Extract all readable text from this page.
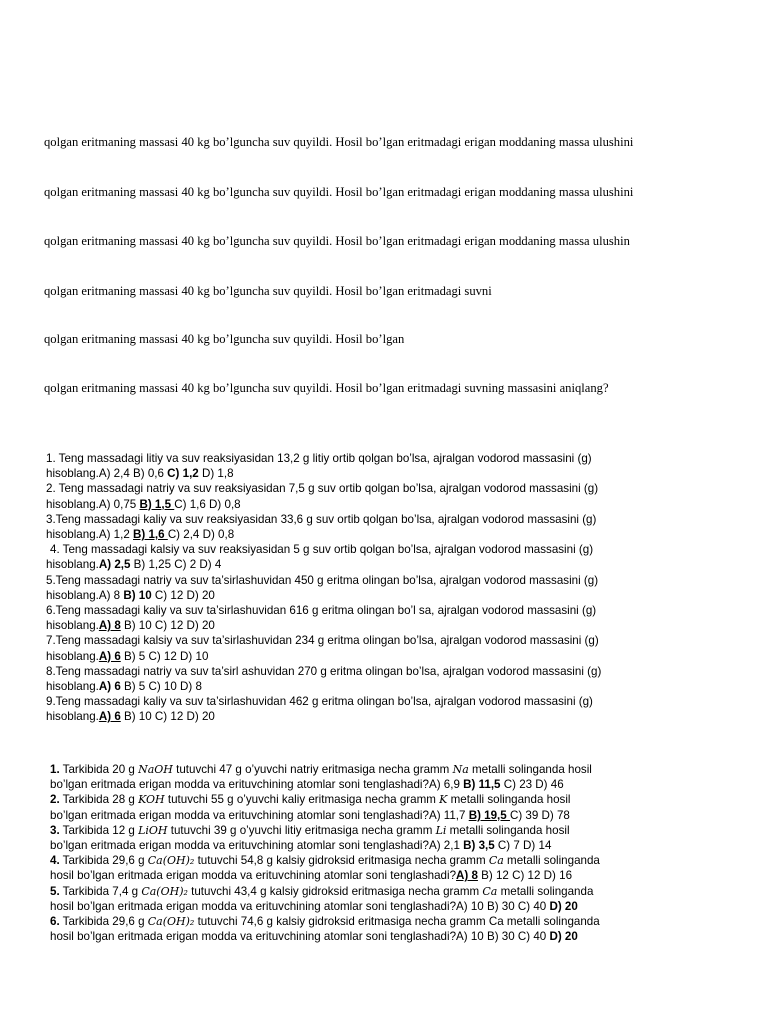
qolgan eritmaning massasi 40 kg bo’lguncha suv quyildi. Hosil bo’lgan eritmadagi erigan moddaning massa ulushini
qolgan eritmaning massasi 40 kg bo’lguncha suv quyildi. Hosil bo’lgan eritmadagi erigan moddaning massa ulushini
qolgan eritmaning massasi 40 kg bo’lguncha suv quyildi. Hosil bo’lgan eritmadagi erigan moddaning massa ulushin
qolgan eritmaning massasi 40 kg bo’lguncha suv quyildi. Hosil bo’lgan eritmadagi suvni
qolgan eritmaning massasi 40 kg bo’lguncha suv quyildi. Hosil bo’lgan
qolgan eritmaning massasi 40 kg bo’lguncha suv quyildi. Hosil bo’lgan eritmadagi suvning massasini aniqlang?
1. Teng massadagi litiy va suv reaksiyasidan 13,2 g litiy ortib qolgan bo’lsa, ajralgan vodorod massasini (g)
hisoblang.A) 2,4 B) 0,6 C) 1,2 D) 1,8
2. Teng massadagi natriy va suv reaksiyasidan 7,5 g suv ortib qolgan bo’lsa, ajralgan vodorod massasini (g)
hisoblang.A) 0,75 B) 1,5 C) 1,6 D) 0,8
3.Teng massadagi kaliy va suv reaksiyasidan 33,6 g suv ortib qolgan bo’lsa, ajralgan vodorod massasini (g)
hisoblang.A) 1,2 B) 1,6 C) 2,4 D) 0,8
4. Teng massadagi kalsiy va suv reaksiyasidan 5 g suv ortib qolgan bo’lsa, ajralgan vodorod massasini (g)
hisoblang.A) 2,5 B) 1,25 C) 2 D) 4
5.Teng massadagi natriy va suv ta’sirlashuvidan 450 g eritma olingan bo’lsa, ajralgan vodorod massasini (g)
hisoblang.A) 8 B) 10 C) 12 D) 20
6.Teng massadagi kaliy va suv ta’sirlashuvidan 616 g eritma olingan bo’l sa, ajralgan vodorod massasini (g)
hisoblang.A) 8 B) 10 C) 12 D) 20
7.Teng massadagi kalsiy va suv ta’sirlashuvidan 234 g eritma olingan bo’lsa, ajralgan vodorod massasini (g)
hisoblang.A) 6 B) 5 C) 12 D) 10
8.Teng massadagi natriy va suv ta’sirl ashuvidan 270 g eritma olingan bo’lsa, ajralgan vodorod massasini (g)
hisoblang.A) 6 B) 5 C) 10 D) 8
9.Teng massadagi kaliy va suv ta’sirlashuvidan 462 g eritma olingan bo’lsa, ajralgan vodorod massasini (g)
hisoblang.A) 6 B) 10 C) 12 D) 20
1. Tarkibida 20 g NaOH tutuvchi 47 g o’yuvchi natriy eritmasiga necha gramm Na metalli solinganda hosil
bo’lgan eritmada erigan modda va erituvchining atomlar soni tenglashadi?A) 6,9 B) 11,5 C) 23 D) 46
2. Tarkibida 28 g KOH tutuvchi 55 g o’yuvchi kaliy eritmasiga necha gramm K metalli solinganda hosil
bo’lgan eritmada erigan modda va erituvchining atomlar soni tenglashadi?A) 11,7 B) 19,5 C) 39 D) 78
3. Tarkibida 12 g LiOH tutuvchi 39 g o’yuvchi litiy eritmasiga necha gramm Li metalli solinganda hosil
bo’lgan eritmada erigan modda va erituvchining atomlar soni tenglashadi?A) 2,1 B) 3,5 C) 7 D) 14
4. Tarkibida 29,6 g Ca(OH)₂ tutuvchi 54,8 g kalsiy gidroksid eritmasiga necha gramm Ca metalli solinganda
hosil bo’lgan eritmada erigan modda va erituvchining atomlar soni tenglashadi?A) 8 B) 12 C) 12 D) 16
5. Tarkibida 7,4 g Ca(OH)₂ tutuvchi 43,4 g kalsiy gidroksid eritmasiga necha gramm Ca metalli solinganda
hosil bo’lgan eritmada erigan modda va erituvchining atomlar soni tenglashadi?A) 10 B) 30 C) 40 D) 20
6. Tarkibida 29,6 g Ca(OH)₂ tutuvchi 74,6 g kalsiy gidroksid eritmasiga necha gramm Ca metalli solinganda
hosil bo’lgan eritmada erigan modda va erituvchining atomlar soni tenglashadi?A) 10 B) 30 C) 40 D) 20
